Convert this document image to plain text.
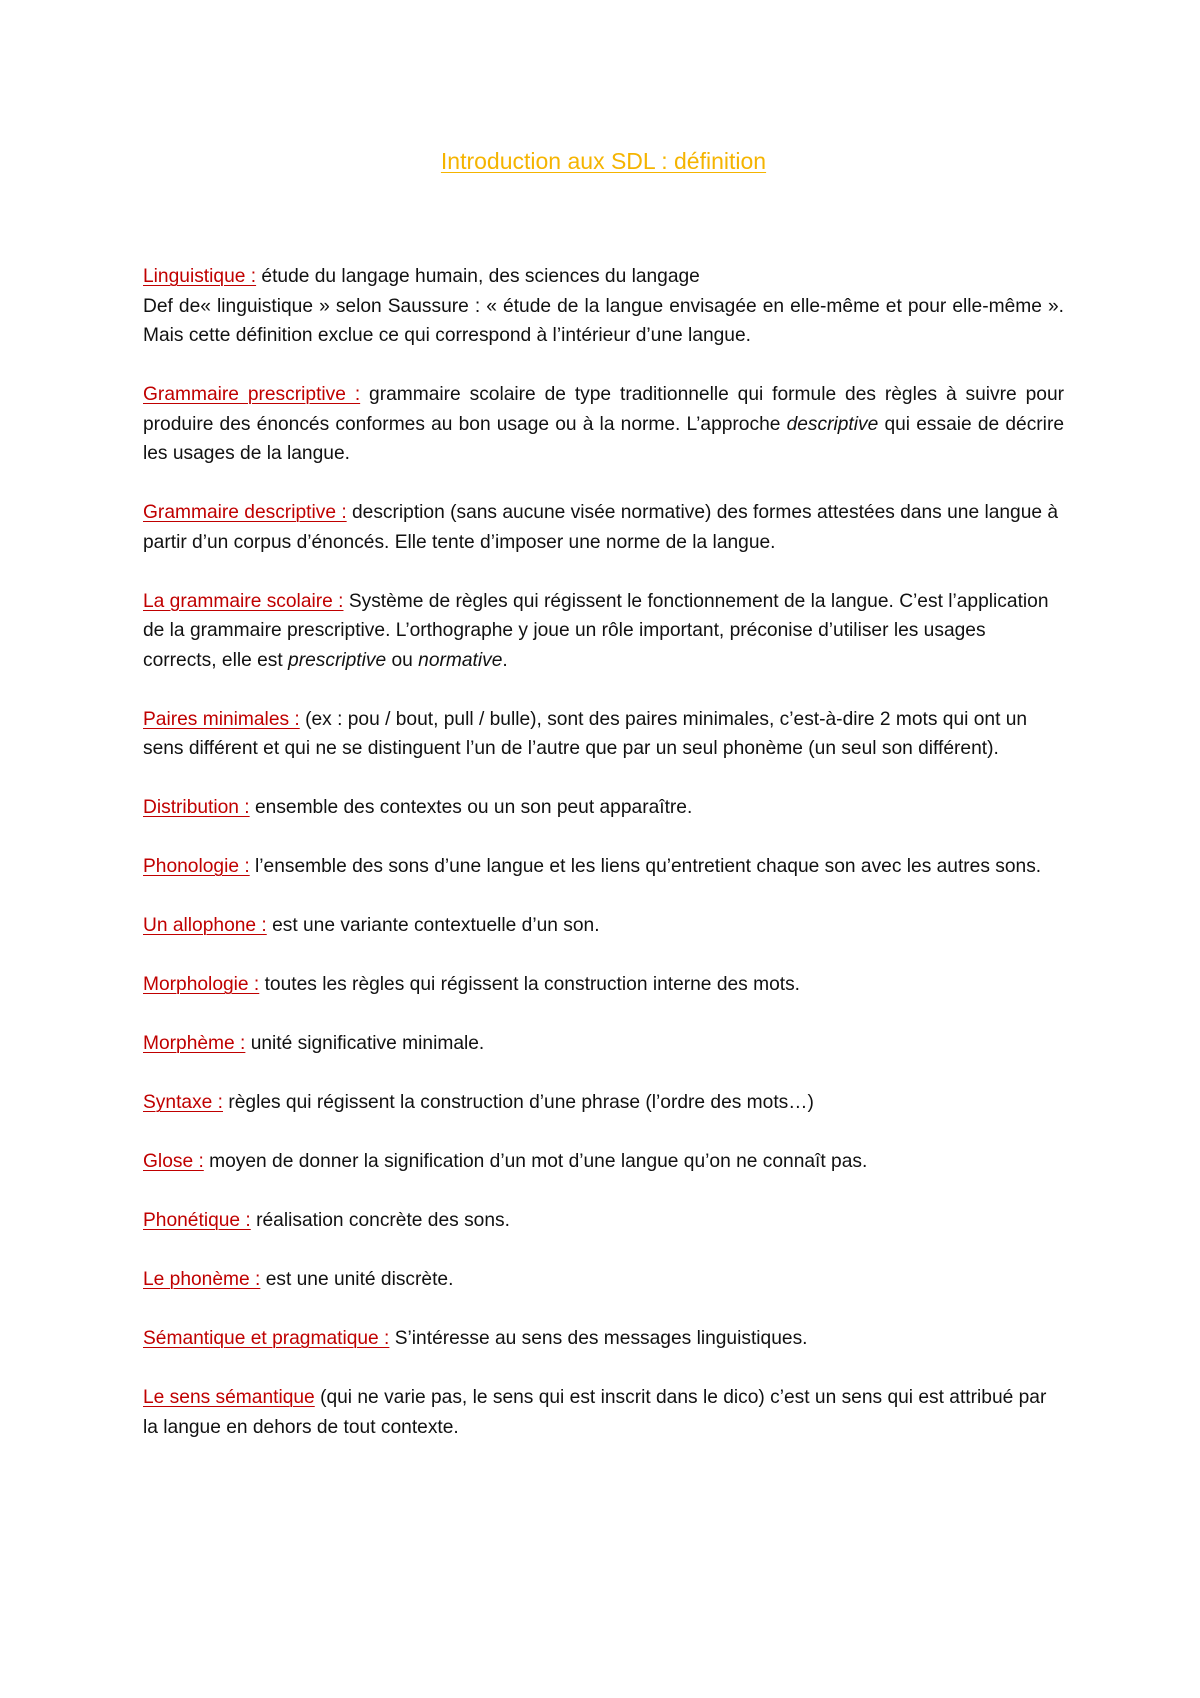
Introduction aux SDL : définition

Linguistique : étude du langage humain, des sciences du langage
Def de« linguistique » selon Saussure : « étude de la langue envisagée en elle-même et pour elle-même ». Mais cette définition exclue ce qui correspond à l’intérieur d’une langue.

Grammaire prescriptive : grammaire scolaire de type traditionnelle qui formule des règles à suivre pour produire des énoncés conformes au bon usage ou à la norme. L’approche descriptive qui essaie de décrire les usages de la langue.

Grammaire descriptive : description (sans aucune visée normative) des formes attestées dans une langue à partir d’un corpus d’énoncés. Elle tente d’imposer une norme de la langue.

La grammaire scolaire : Système de règles qui régissent le fonctionnement de la langue. C’est l’application de la grammaire prescriptive. L’orthographe y joue un rôle important, préconise d’utiliser les usages corrects, elle est prescriptive ou normative.

Paires minimales : (ex : pou / bout, pull / bulle), sont des paires minimales, c’est-à-dire 2 mots qui ont un sens différent et qui ne se distinguent l’un de l’autre que par un seul phonème (un seul son différent).

Distribution : ensemble des contextes ou un son peut apparaître.

Phonologie : l’ensemble des sons d’une langue et les liens qu’entretient chaque son avec les autres sons.

Un allophone : est une variante contextuelle d’un son.

Morphologie : toutes les règles qui régissent la construction interne des mots.

Morphème : unité significative minimale.

Syntaxe : règles qui régissent la construction d’une phrase (l’ordre des mots…)

Glose : moyen de donner la signification d’un mot d’une langue qu’on ne connaît pas.

Phonétique : réalisation concrète des sons.

Le phonème : est une unité discrète.

Sémantique et pragmatique : S’intéresse au sens des messages linguistiques.

Le sens sémantique (qui ne varie pas, le sens qui est inscrit dans le dico) c’est un sens qui est attribué par la langue en dehors de tout contexte.
